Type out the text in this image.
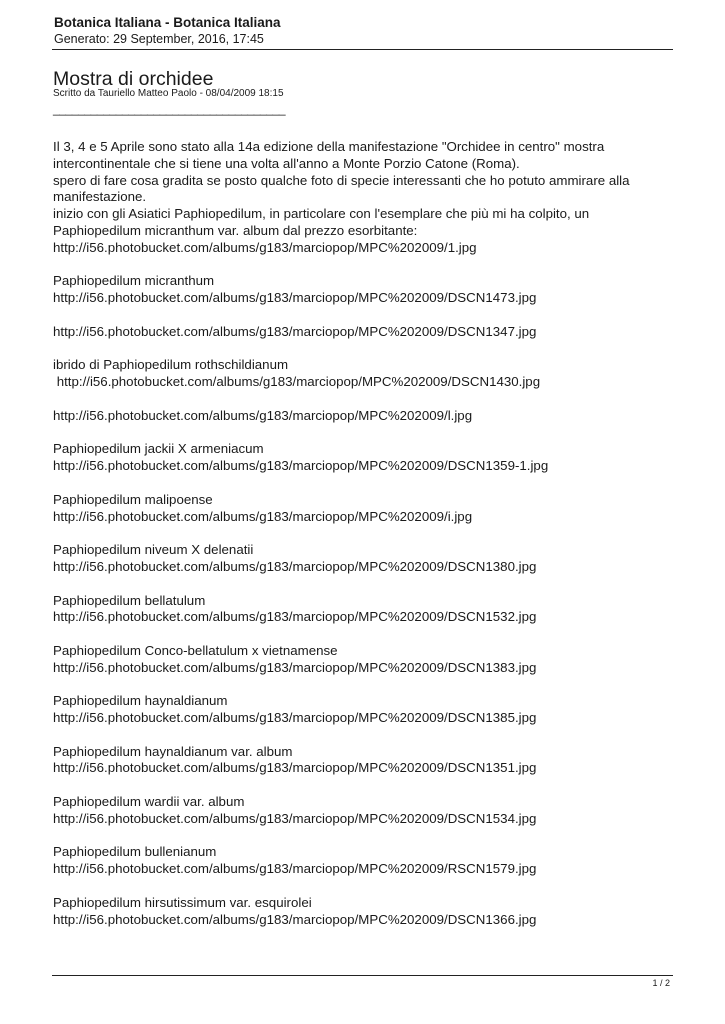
Botanica Italiana - Botanica Italiana
Generato: 29 September, 2016, 17:45
Mostra di orchidee
Scritto da Tauriello Matteo Paolo - 08/04/2009 18:15
_____________________________________

Il 3, 4 e 5 Aprile sono stato alla 14a edizione della manifestazione "Orchidee in centro" mostra
intercontinentale che si tiene una volta all'anno a Monte Porzio Catone (Roma).
spero di fare cosa gradita se posto qualche foto di specie interessanti che ho potuto ammirare alla
manifestazione.
inizio con gli Asiatici Paphiopedilum, in particolare con l'esemplare che più mi ha colpito, un
Paphiopedilum micranthum var. album dal prezzo esorbitante:
http://i56.photobucket.com/albums/g183/marciopop/MPC%202009/1.jpg

Paphiopedilum micranthum
http://i56.photobucket.com/albums/g183/marciopop/MPC%202009/DSCN1473.jpg
http://i56.photobucket.com/albums/g183/marciopop/MPC%202009/DSCN1347.jpg
ibrido di Paphiopedilum rothschildianum
http://i56.photobucket.com/albums/g183/marciopop/MPC%202009/DSCN1430.jpg
http://i56.photobucket.com/albums/g183/marciopop/MPC%202009/l.jpg
Paphiopedilum jackii X armeniacum
http://i56.photobucket.com/albums/g183/marciopop/MPC%202009/DSCN1359-1.jpg
Paphiopedilum malipoense
http://i56.photobucket.com/albums/g183/marciopop/MPC%202009/i.jpg
Paphiopedilum niveum X delenatii
http://i56.photobucket.com/albums/g183/marciopop/MPC%202009/DSCN1380.jpg
Paphiopedilum bellatulum
http://i56.photobucket.com/albums/g183/marciopop/MPC%202009/DSCN1532.jpg
Paphiopedilum Conco-bellatulum x vietnamense
http://i56.photobucket.com/albums/g183/marciopop/MPC%202009/DSCN1383.jpg
Paphiopedilum haynaldianum
http://i56.photobucket.com/albums/g183/marciopop/MPC%202009/DSCN1385.jpg
Paphiopedilum haynaldianum var. album
http://i56.photobucket.com/albums/g183/marciopop/MPC%202009/DSCN1351.jpg
Paphiopedilum wardii var. album
http://i56.photobucket.com/albums/g183/marciopop/MPC%202009/DSCN1534.jpg
Paphiopedilum bullenianum
http://i56.photobucket.com/albums/g183/marciopop/MPC%202009/RSCN1579.jpg
Paphiopedilum hirsutissimum var. esquirolei
http://i56.photobucket.com/albums/g183/marciopop/MPC%202009/DSCN1366.jpg
1 / 2
